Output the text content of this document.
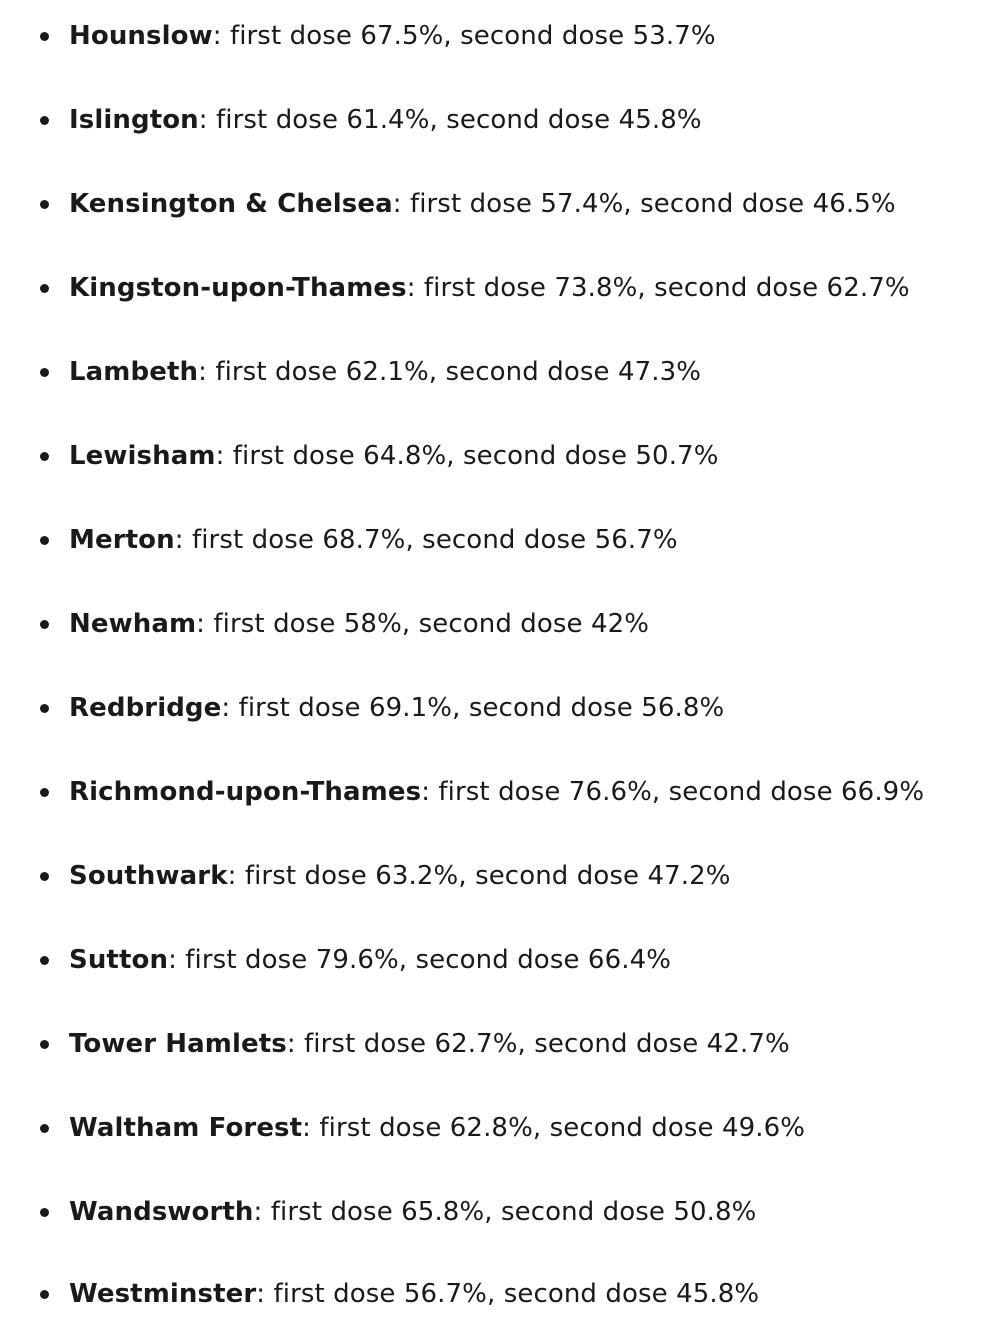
Hounslow : first dose 67.5%, second dose 53.7%
Islington : first dose 61.4%, second dose 45.8%
Kensington & Chelsea : first dose 57.4%, second dose 46.5%
Kingston-upon-Thames : first dose 73.8%, second dose 62.7%
Lambeth : first dose 62.1%, second dose 47.3%
Lewisham : first dose 64.8%, second dose 50.7%
Merton : first dose 68.7%, second dose 56.7%
Newham : first dose 58%, second dose 42%
Redbridge : first dose 69.1%, second dose 56.8%
Richmond-upon-Thames : first dose 76.6%, second dose 66.9%
Southwark : first dose 63.2%, second dose 47.2%
Sutton : first dose 79.6%, second dose 66.4%
Tower Hamlets : first dose 62.7%, second dose 42.7%
Waltham Forest : first dose 62.8%, second dose 49.6%
Wandsworth : first dose 65.8%, second dose 50.8%
Westminster : first dose 56.7%, second dose 45.8%
